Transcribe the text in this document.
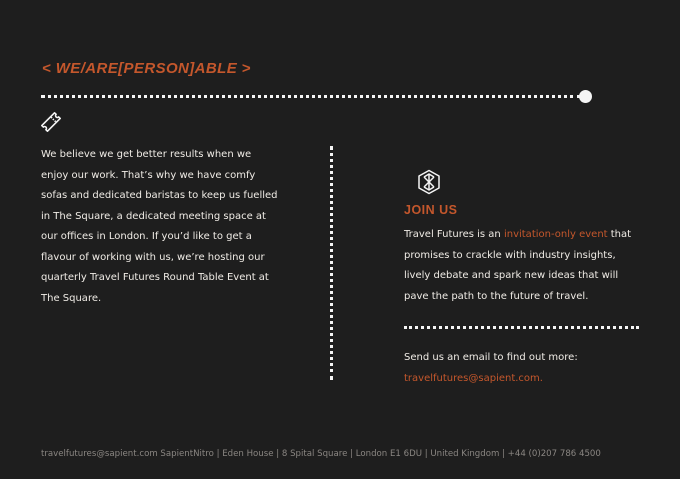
< WE/ARE[PERSON]ABLE >

We believe we get better results when we enjoy our work. That’s why we have comfy sofas and dedicated baristas to keep us fuelled in The Square, a dedicated meeting space at our offices in London. If you’d like to get a flavour of working with us, we’re hosting our quarterly Travel Futures Round Table Event at The Square.

JOIN US

Travel Futures is an invitation-only event that promises to crackle with industry insights, lively debate and spark new ideas that will pave the path to the future of travel.

Send us an email to find out more:

travelfutures@sapient.com.

travelfutures@sapient.com SapientNitro | Eden House | 8 Spital Square | London E1 6DU | United Kingdom | +44 (0)207 786 4500
